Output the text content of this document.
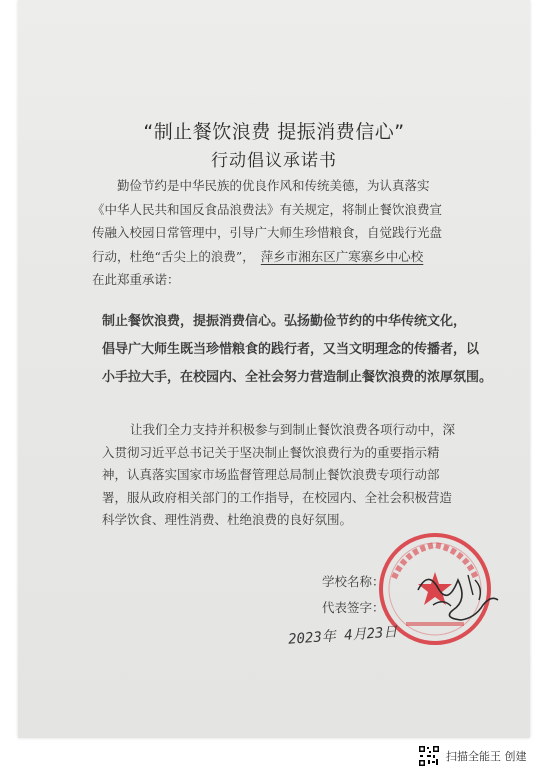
“制止餐饮浪费 提振消费信心”
行动倡议承诺书
勤俭节约是中华民族的优良作风和传统美德，为认真落实
《中华人民共和国反食品浪费法》有关规定，将制止餐饮浪费宣
传融入校园日常管理中，引导广大师生珍惜粮食，自觉践行光盘
行动，杜绝“舌尖上的浪费”， 萍乡市湘东区广寒寨乡中心校
在此郑重承诺：
制止餐饮浪费，提振消费信心。弘扬勤俭节约的中华传统文化，
倡导广大师生既当珍惜粮食的践行者，又当文明理念的传播者，以
小手拉大手，在校园内、全社会努力营造制止餐饮浪费的浓厚氛围。
让我们全力支持并积极参与到制止餐饮浪费各项行动中，深
入贯彻习近平总书记关于坚决制止餐饮浪费行为的重要指示精
神，认真落实国家市场监督管理总局制止餐饮浪费专项行动部
署，服从政府相关部门的工作指导，在校园内、全社会积极营造
科学饮食、理性消费、杜绝浪费的良好氛围。
学校名称：
代表签字：
2023年 4月23日
扫描全能王 创建
